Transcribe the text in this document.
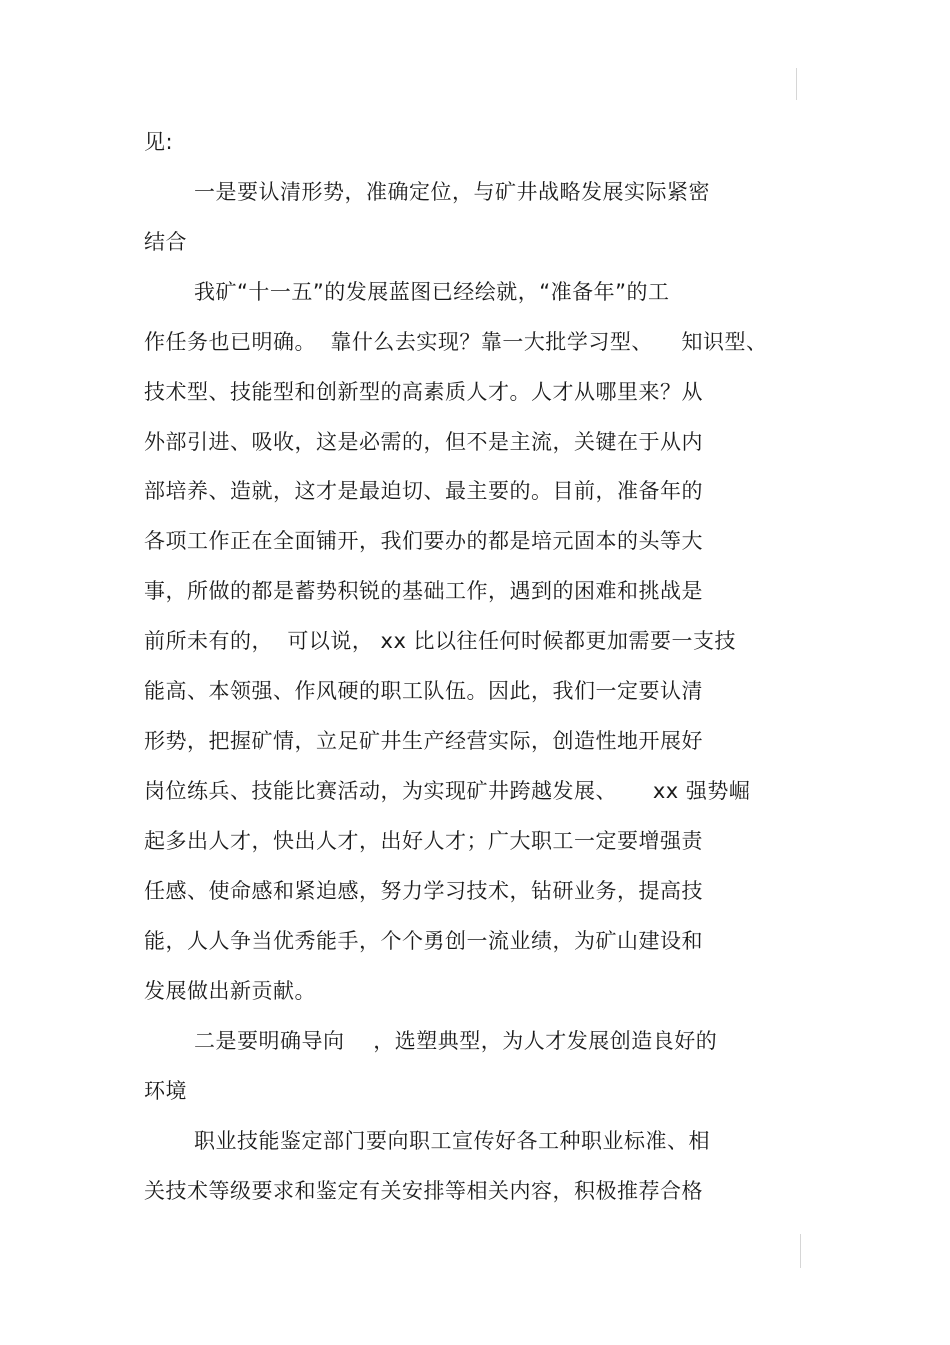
见:
一是要认清形势，准确定位，与矿井战略发展实际紧密
结合
我矿“十一五”的发展蓝图已经绘就，“准备年”的工
作任务也已明确。  靠什么去实现？靠一大批学习型、    知识型、
技术型、技能型和创新型的高素质人才。人才从哪里来？从
外部引进、吸收，这是必需的，但不是主流，关键在于从内
部培养、造就，这才是最迫切、最主要的。目前，准备年的
各项工作正在全面铺开，我们要办的都是培元固本的头等大
事，所做的都是蓄势积锐的基础工作，遇到的困难和挑战是
前所未有的，  可以说， xx 比以往任何时候都更加需要一支技
能高、本领强、作风硬的职工队伍。因此，我们一定要认清
形势，把握矿情，立足矿井生产经营实际，创造性地开展好
岗位练兵、技能比赛活动，为实现矿井跨越发展、     xx 强势崛
起多出人才，快出人才，出好人才；广大职工一定要增强责
任感、使命感和紧迫感，努力学习技术，钻研业务，提高技
能，人人争当优秀能手，个个勇创一流业绩，为矿山建设和
发展做出新贡献。
二是要明确导向    ，选塑典型，为人才发展创造良好的
环境
职业技能鉴定部门要向职工宣传好各工种职业标准、相
关技术等级要求和鉴定有关安排等相关内容，积极推荐合格
